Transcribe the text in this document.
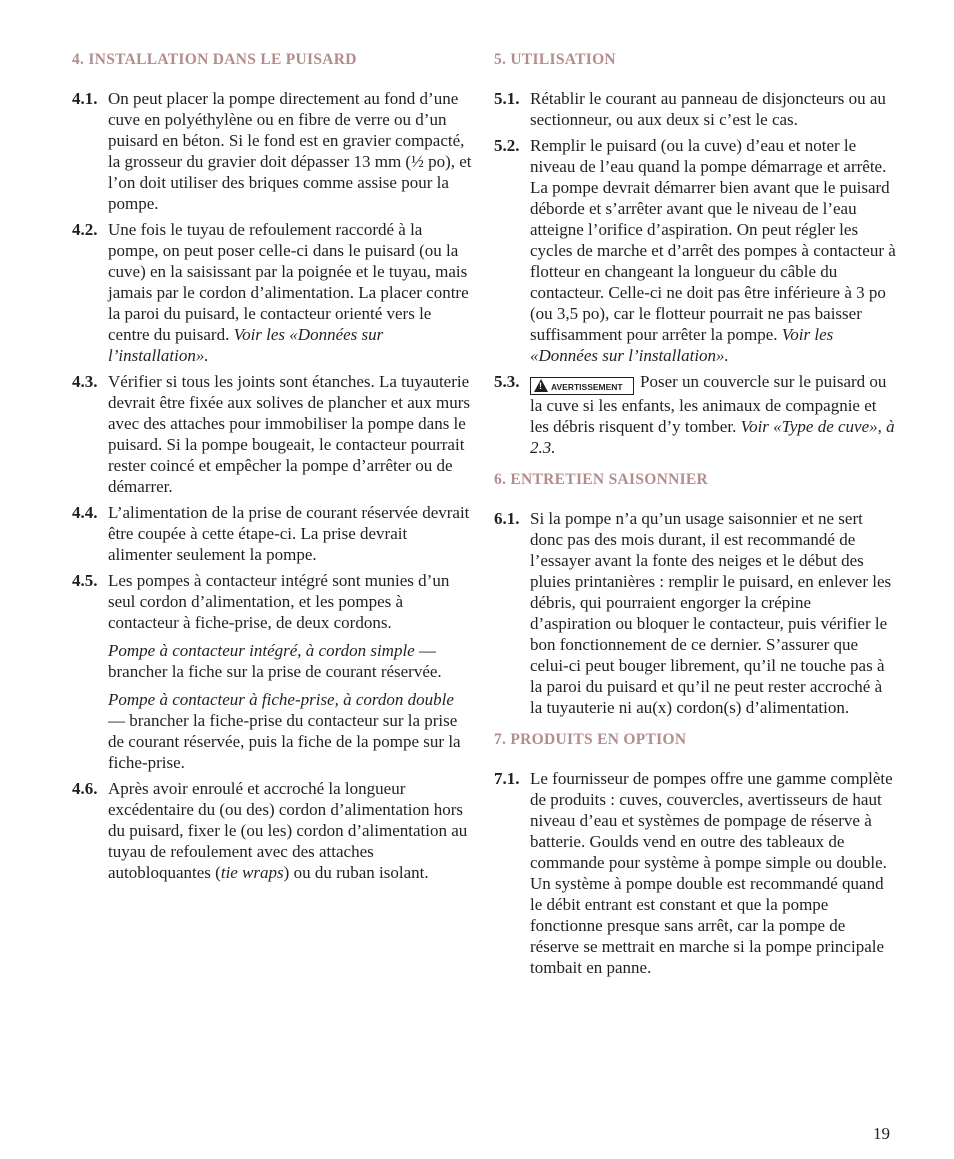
4. INSTALLATION DANS LE PUISARD
4.1. On peut placer la pompe directement au fond d’une cuve en polyéthylène ou en fibre de verre ou d’un puisard en béton. Si le fond est en gravier compacté, la grosseur du gravier doit dépasser 13 mm (½ po), et l’on doit utiliser des briques comme assise pour la pompe.

4.2. Une fois le tuyau de refoulement raccordé à la pompe, on peut poser celle-ci dans le puisard (ou la cuve) en la saisissant par la poignée et le tuyau, mais jamais par le cordon d’alimentation. La placer contre la paroi du puisard, le contacteur orienté vers le centre du puisard. Voir les «Données sur l’installation».

4.3. Vérifier si tous les joints sont étanches. La tuyauterie devrait être fixée aux solives de plancher et aux murs avec des attaches pour immobiliser la pompe dans le puisard. Si la pompe bougeait, le contacteur pourrait rester coincé et empêcher la pompe d’arrêter ou de démarrer.

4.4. L’alimentation de la prise de courant réservée devrait être coupée à cette étape-ci. La prise devrait alimenter seulement la pompe.

4.5. Les pompes à contacteur intégré sont munies d’un seul cordon d’alimentation, et les pompes à contacteur à fiche-prise, de deux cordons.

Pompe à contacteur intégré, à cordon simple — brancher la fiche sur la prise de courant réservée.

Pompe à contacteur à fiche-prise, à cordon double — brancher la fiche-prise du contacteur sur la prise de courant réservée, puis la fiche de la pompe sur la fiche-prise.

4.6. Après avoir enroulé et accroché la longueur excédentaire du (ou des) cordon d’alimentation hors du puisard, fixer le (ou les) cordon d’alimentation au tuyau de refoulement avec des attaches autobloquantes (tie wraps) ou du ruban isolant.

5. UTILISATION
5.1. Rétablir le courant au panneau de disjoncteurs ou au sectionneur, ou aux deux si c’est le cas.

5.2. Remplir le puisard (ou la cuve) d’eau et noter le niveau de l’eau quand la pompe démarrage et arrête. La pompe devrait démarrer bien avant que le puisard déborde et s’arrêter avant que le niveau de l’eau atteigne l’orifice d’aspiration. On peut régler les cycles de marche et d’arrêt des pompes à contacteur à flotteur en changeant la longueur du câble du contacteur. Celle-ci ne doit pas être inférieure à 3 po (ou 3,5 po), car le flotteur pourrait ne pas baisser suffisamment pour arrêter la pompe. Voir les «Données sur l’installation».

5.3.

!	AVERTISSEMENT Poser un couvercle sur le puisard ou la cuve si les enfants, les animaux de compagnie et les débris risquent d’y tomber. Voir «Type de cuve», à 2.3.

6. ENTRETIEN SAISONNIER
6.1. Si la pompe n’a qu’un usage saisonnier et ne sert donc pas des mois durant, il est recommandé de l’essayer avant la fonte des neiges et le début des pluies printanières : remplir le puisard, en enlever les débris, qui pourraient engorger la crépine d’aspiration ou bloquer le contacteur, puis vérifier le bon fonctionnement de ce dernier. S’assurer que celui-ci peut bouger librement, qu’il ne touche pas à la paroi du puisard et qu’il ne peut rester accroché à la tuyauterie ni au(x) cordon(s) d’alimentation.

7. PRODUITS EN OPTION
7.1. Le fournisseur de pompes offre une gamme complète de produits : cuves, couvercles, avertisseurs de haut niveau d’eau et systèmes de pompage de réserve à batterie. Goulds vend en outre des tableaux de commande pour système à pompe simple ou double. Un système à pompe double est recommandé quand le débit entrant est constant et que la pompe fonctionne presque sans arrêt, car la pompe de réserve se mettrait en marche si la pompe principale tombait en panne.

19
